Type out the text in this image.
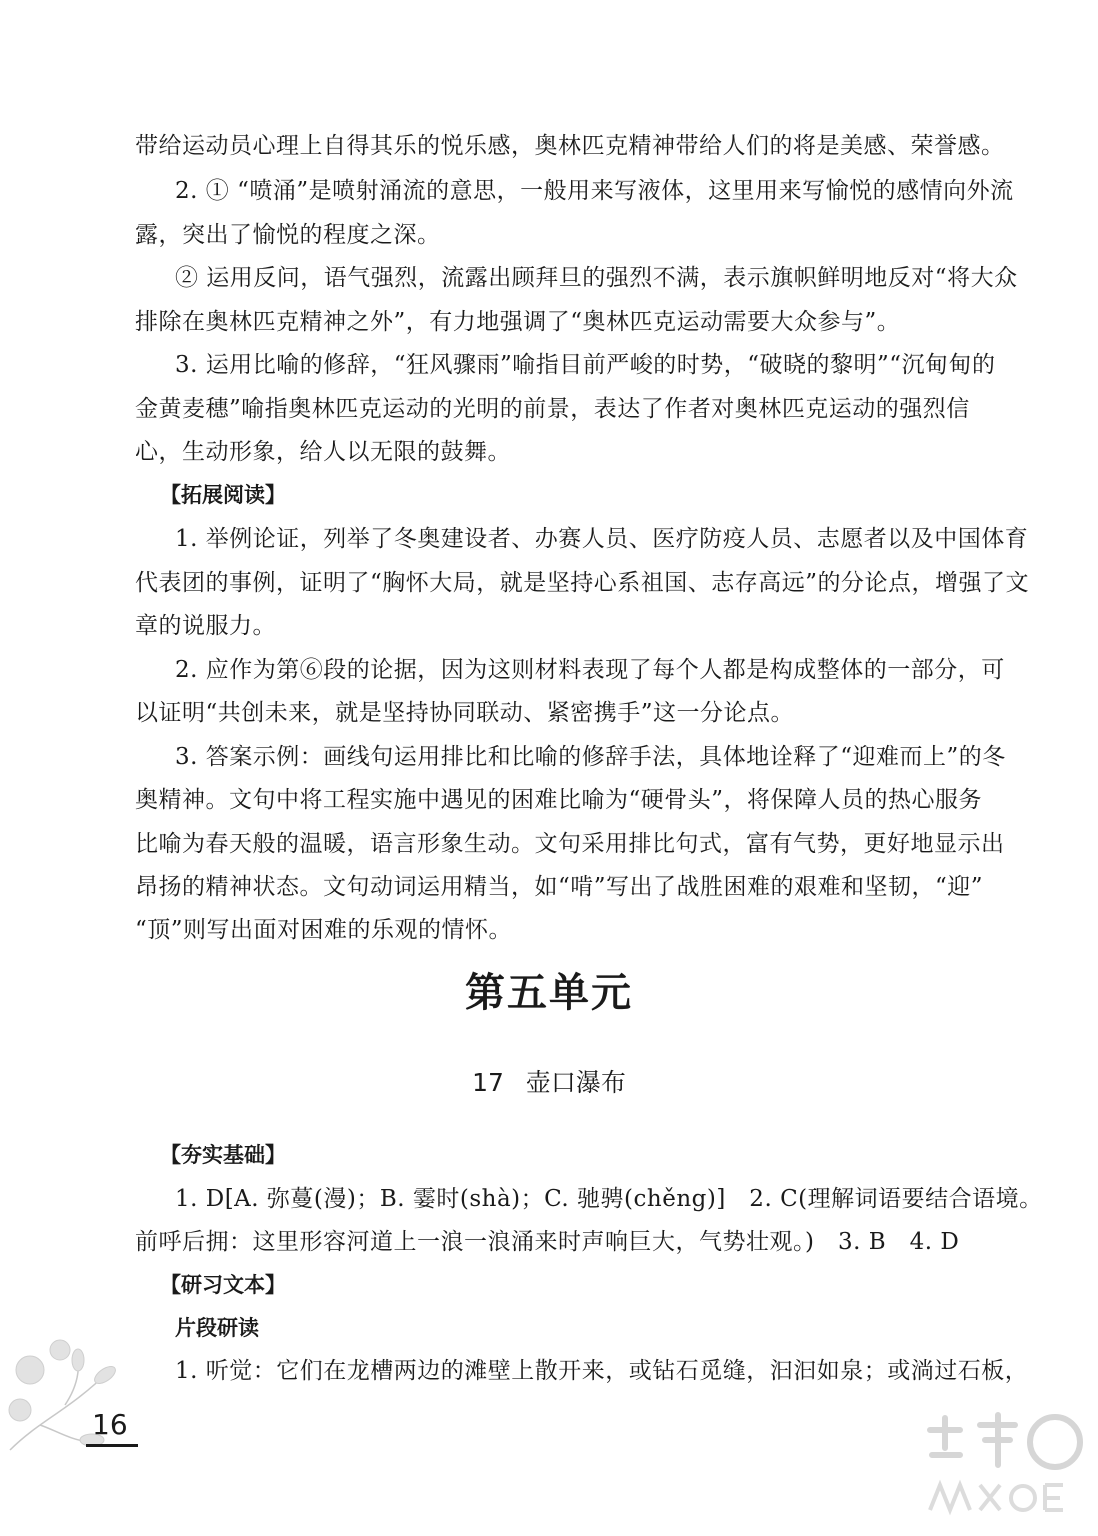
带给运动员心理上自得其乐的悦乐感，奥林匹克精神带给人们的将是美感、荣誉感。
2. ① “喷涌”是喷射涌流的意思，一般用来写液体，这里用来写愉悦的感情向外流
露，突出了愉悦的程度之深。
② 运用反问，语气强烈，流露出顾拜旦的强烈不满，表示旗帜鲜明地反对“将大众
排除在奥林匹克精神之外”，有力地强调了“奥林匹克运动需要大众参与”。
3. 运用比喻的修辞，“狂风骤雨”喻指目前严峻的时势，“破晓的黎明”“沉甸甸的
金黄麦穗”喻指奥林匹克运动的光明的前景，表达了作者对奥林匹克运动的强烈信
心，生动形象，给人以无限的鼓舞。
【拓展阅读】
1. 举例论证，列举了冬奥建设者、办赛人员、医疗防疫人员、志愿者以及中国体育
代表团的事例，证明了“胸怀大局，就是坚持心系祖国、志存高远”的分论点，增强了文
章的说服力。
2. 应作为第⑥段的论据，因为这则材料表现了每个人都是构成整体的一部分，可
以证明“共创未来，就是坚持协同联动、紧密携手”这一分论点。
3. 答案示例：画线句运用排比和比喻的修辞手法，具体地诠释了“迎难而上”的冬
奥精神。文句中将工程实施中遇见的困难比喻为“硬骨头”，将保障人员的热心服务
比喻为春天般的温暖，语言形象生动。文句采用排比句式，富有气势，更好地显示出
昂扬的精神状态。文句动词运用精当，如“啃”写出了战胜困难的艰难和坚韧，“迎”
“顶”则写出面对困难的乐观的情怀。
第五单元
17 壶口瀑布
【夯实基础】
1. D[A. 弥蔓(漫)；B. 霎时(shà)；C. 驰骋(chěng)]　2. C(理解词语要结合语境。
前呼后拥：这里形容河道上一浪一浪涌来时声响巨大，气势壮观。)　3. B　4. D
【研习文本】
片段研读
1. 听觉：它们在龙槽两边的滩壁上散开来，或钻石觅缝，汩汩如泉；或淌过石板，
16
